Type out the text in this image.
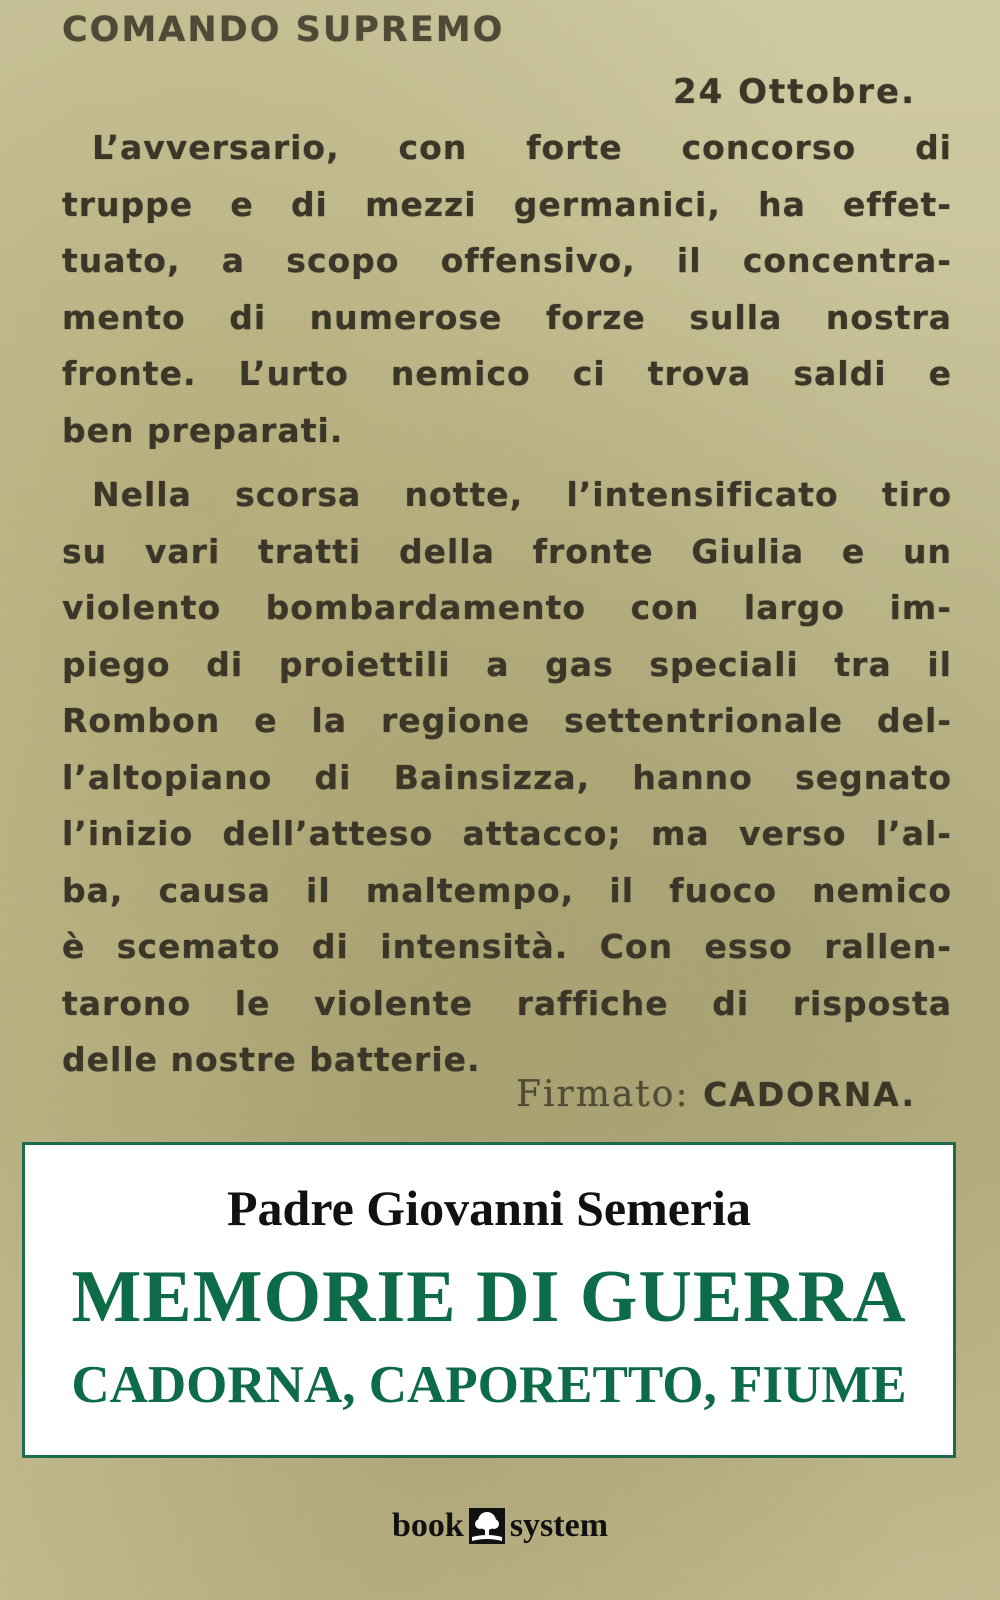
COMANDO SUPREMO
24 Ottobre.

L’avversario, con forte concorso di
truppe e di mezzi germanici, ha effet-
tuato, a scopo offensivo, il concentra-
mento di numerose forze sulla nostra
fronte. L’urto nemico ci trova saldi e
ben preparati.

Nella scorsa notte, l’intensificato tiro
su vari tratti della fronte Giulia e un
violento bombardamento con largo im-
piego di proiettili a gas speciali tra il
Rombon e la regione settentrionale del-
l’altopiano di Bainsizza, hanno segnato
l’inizio dell’atteso attacco; ma verso l’al-
ba, causa il maltempo, il fuoco nemico
è scemato di intensità. Con esso rallen-
tarono le violente raffiche di risposta
delle nostre batterie.

Firmato: CADORNA.
Padre Giovanni Semeria
MEMORIE DI GUERRA
CADORNA, CAPORETTO, FIUME
book system
